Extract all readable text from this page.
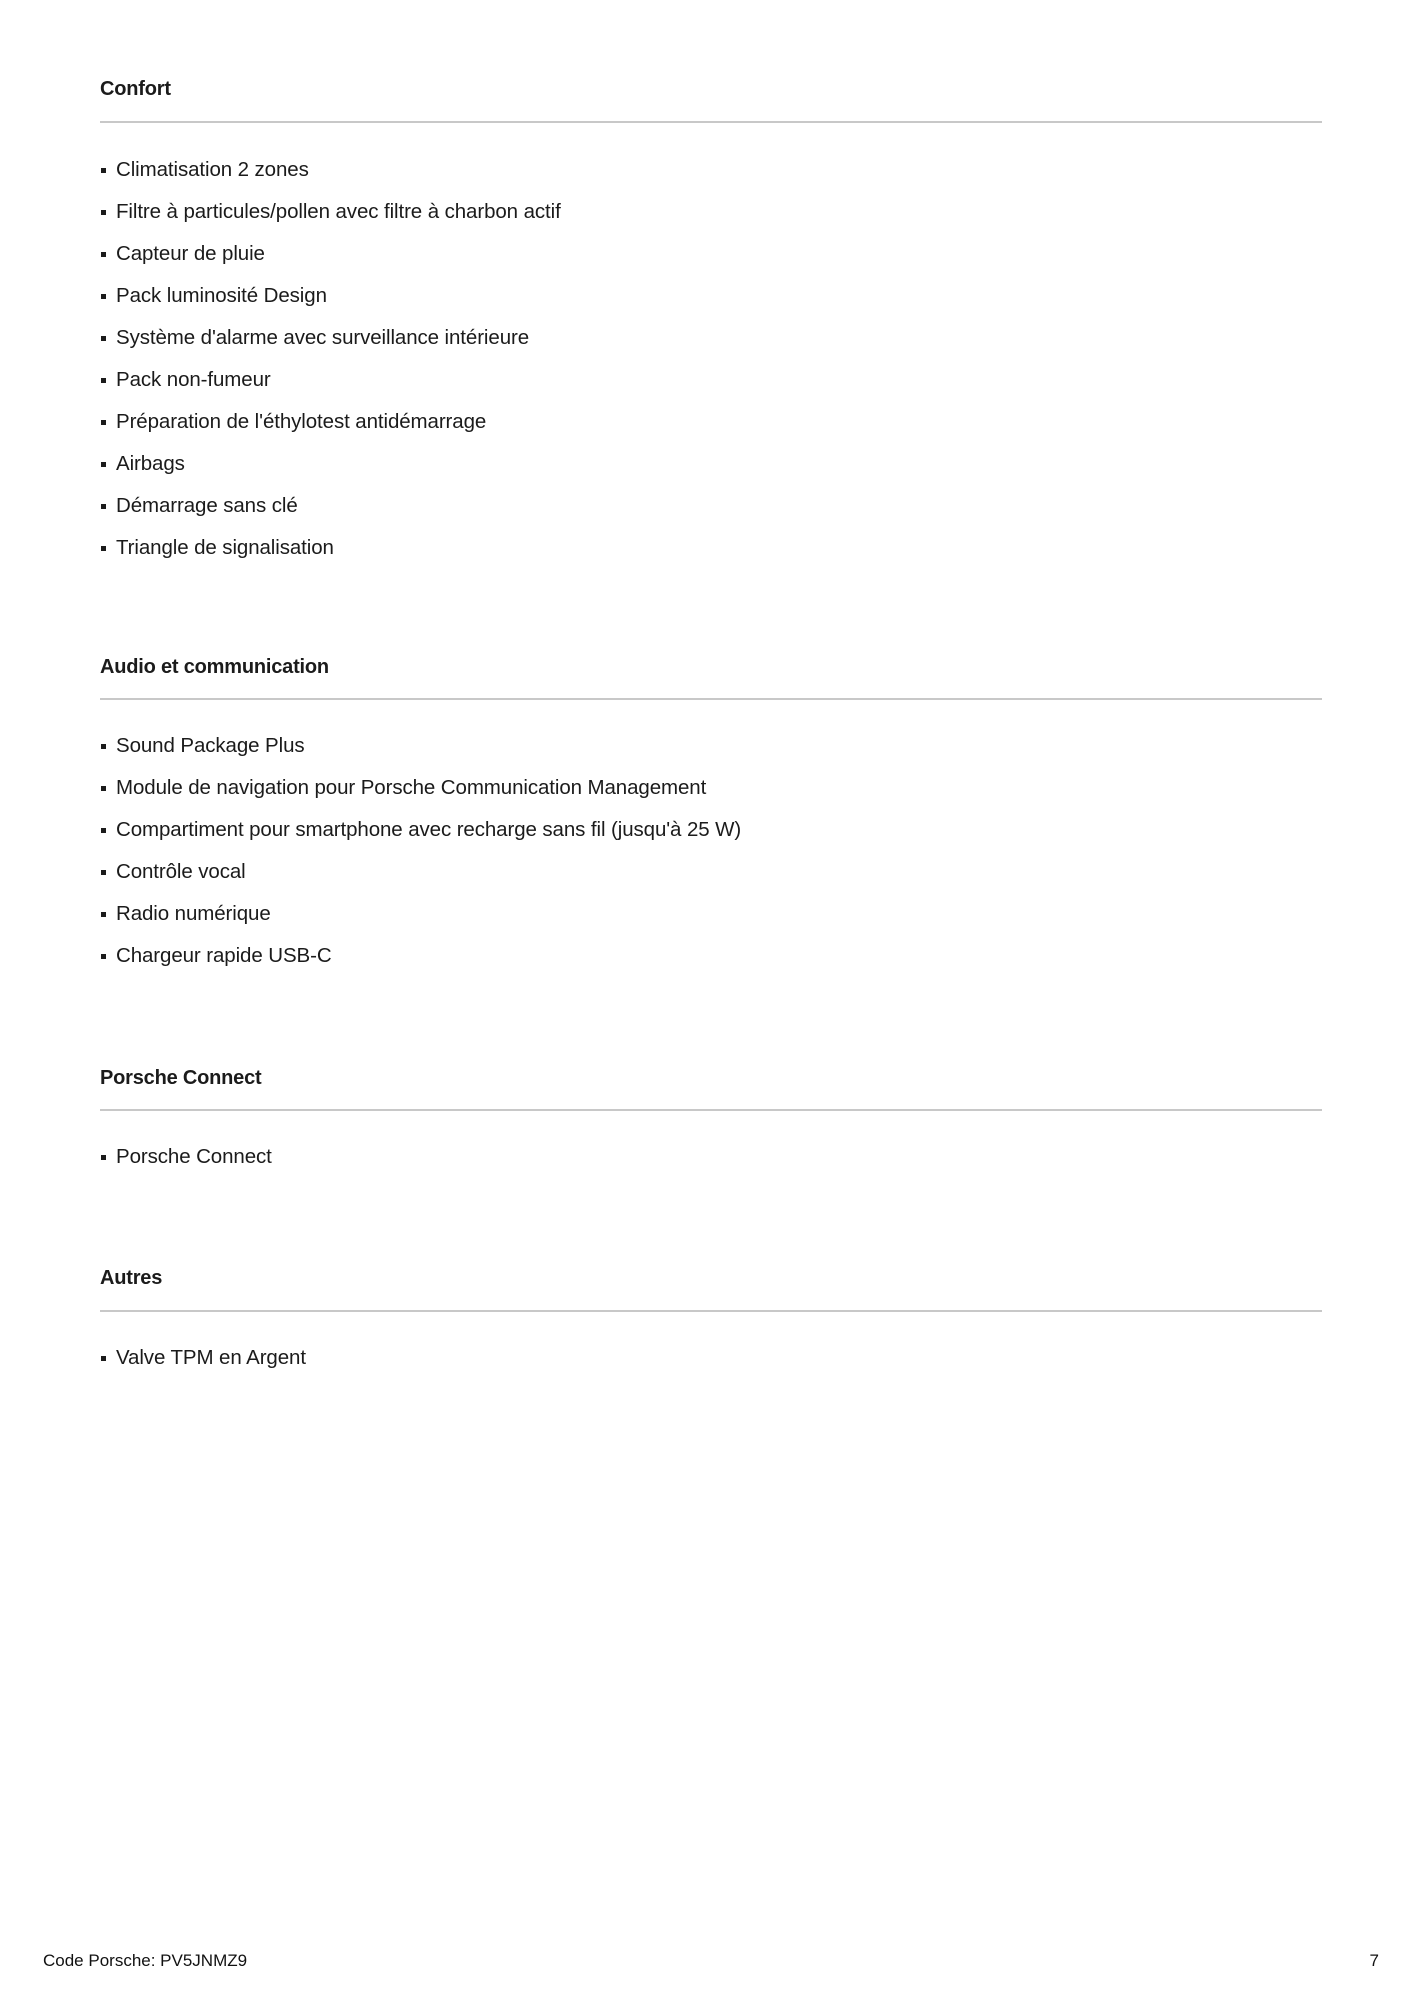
Confort
Climatisation 2 zones
Filtre à particules/pollen avec filtre à charbon actif
Capteur de pluie
Pack luminosité Design
Système d'alarme avec surveillance intérieure
Pack non-fumeur
Préparation de l'éthylotest antidémarrage
Airbags
Démarrage sans clé
Triangle de signalisation
Audio et communication
Sound Package Plus
Module de navigation pour Porsche Communication Management
Compartiment pour smartphone avec recharge sans fil (jusqu'à 25 W)
Contrôle vocal
Radio numérique
Chargeur rapide USB-C
Porsche Connect
Porsche Connect
Autres
Valve TPM en Argent
Code Porsche: PV5JNMZ9	7
